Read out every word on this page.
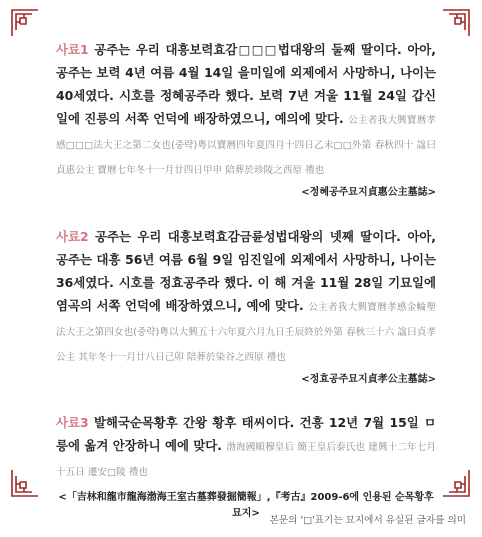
사료1 공주는 우리 대흥보력효감□□□법대왕의 둘째 딸이다. 아아, 공주는 보력 4년 여름 4월 14일 을미일에 외제에서 사망하니, 나이는 40세였다. 시호를 정혜공주라 했다. 보력 7년 겨울 11월 24일 갑신일에 진릉의 서쪽 언덕에 배장하였으니, 예의에 맞다. 公主者我大興寶曆孝感□□□法大王之第二女也(중략)粤以寶曆四年夏四月十四日乙未□□外第 春秋四十 諡曰貞惠公主 寶曆七年冬十一月廿四日甲申 陪葬於珍陵之西原 禮也
<정혜공주묘지貞惠公主墓誌>
사료2 공주는 우리 대흥보력효감금륜성법대왕의 넷째 딸이다. 아아, 공주는 대흥 56년 여름 6월 9일 임진일에 외제에서 사망하니, 나이는 36세였다. 시호를 정효공주라 했다. 이 해 겨울 11월 28일 기묘일에 염곡의 서쪽 언덕에 배장하였으니, 예에 맞다. 公主者我大興寶曆孝感金輪聖法大王之第四女也(중략)粤以大興五十六年夏六月九日壬辰終於外第 春秋三十六 諡曰貞孝公主 其年冬十一月廿八日己卯 陪葬於染谷之西原 禮也
<정효공주묘지貞孝公主墓誌>
사료3 발해국순목황후 간왕 황후 태씨이다. 건흥 12년 7월 15일 ㅁ릉에 옮겨 안장하니 예에 맞다. 渤海國順穆皇后 簡王皇后泰氏也 建興十二年七月十五日 遷安□陵 禮也
<「吉林和龍市龍海渤海王室古墓葬發掘簡報」,『考古』2009-6에 인용된 순목황후묘지>
본문의 '□'표기는 묘지에서 유실된 글자를 의미
